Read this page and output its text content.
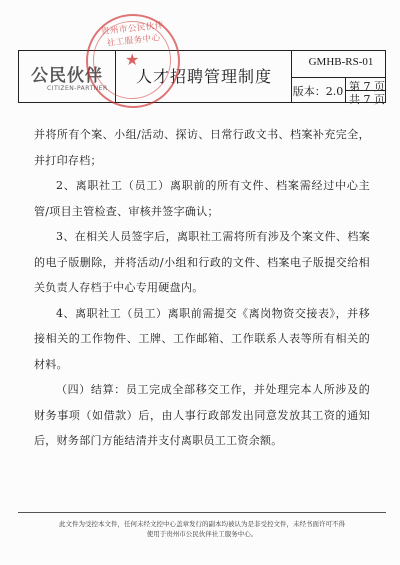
公民伙伴
CITIZEN-PARTNER
人才招聘管理制度
GMHB-RS-01
版本：2.0 第 7 页
共 7 页
贵州市公民伙伴社工服务中心
★

并将所有个案、小组/活动、探访、日常行政文书、档案补充完全，并打印存档；

2、离职社工（员工）离职前的所有文件、档案需经过中心主管/项目主管检查、审核并签字确认；

3、在相关人员签字后，离职社工需将所有涉及个案文件、档案的电子版删除，并将活动/小组和行政的文件、档案电子版提交给相关负责人存档于中心专用硬盘内。

4、离职社工（员工）离职前需提交《离岗物资交接表》，并移接相关的工作物件、工牌、工作邮箱、工作联系人表等所有相关的材料。

（四）结算：员工完成全部移交工作，并处理完本人所涉及的财务事项（如借款）后，由人事行政部发出同意发放其工资的通知后，财务部门方能结清并支付离职员工工资余额。

此文件为受控本文件，任何未经文控中心盖章发行的副本均被认为是非受控文件，未经书面许可不得
使用于贵州市公民伙伴社工服务中心。
